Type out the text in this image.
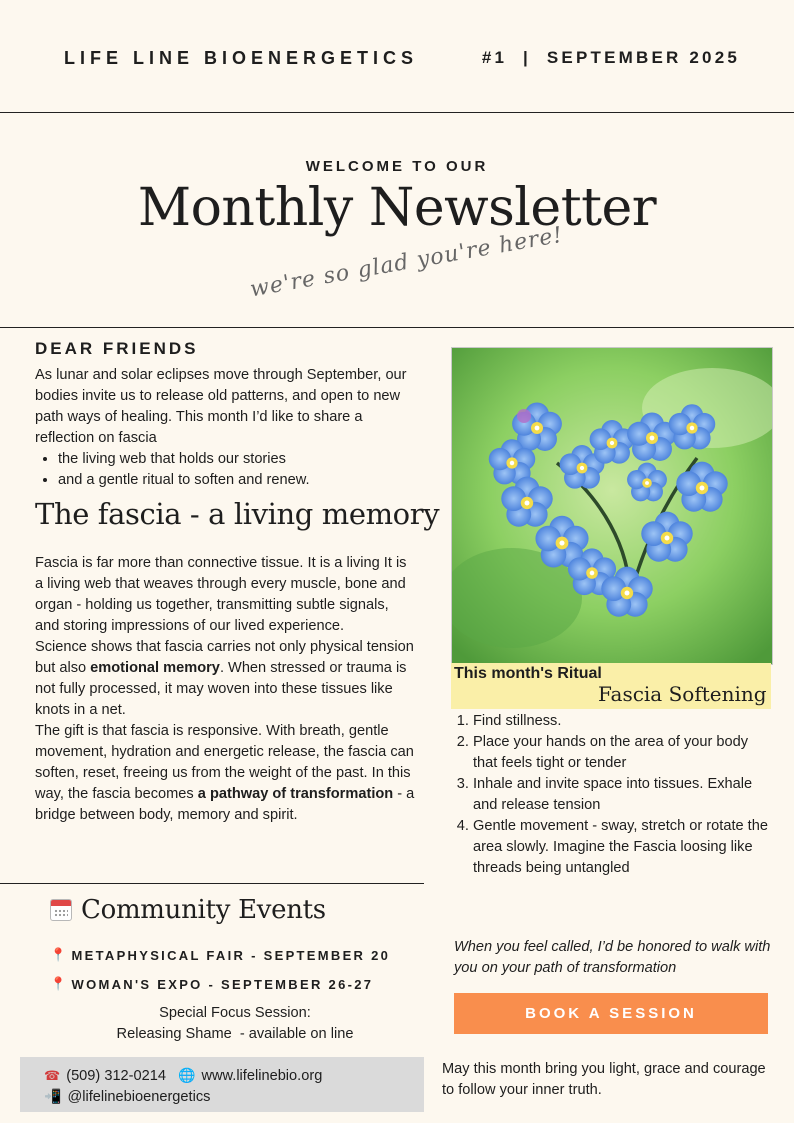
LIFE LINE BIOENERGETICS	#1  |  SEPTEMBER 2025
WELCOME TO OUR
Monthly Newsletter
we're so glad you're here!
DEAR FRIENDS
As lunar and solar eclipses move through September, our bodies invite us to release old patterns, and open to new path ways of healing. This month I’d like to share a reflection on fascia
• the living web that holds our stories
• and a gentle ritual to soften and renew.
The fascia - a living memory

Fascia is far more than connective tissue. It is a living It is a living web that weaves through every muscle, bone and organ - holding us together, transmitting subtle signals, and storing impressions of our lived experience.

Science shows that fascia carries not only physical tension but also emotional memory. When stressed or trauma is not fully processed, it may woven into these tissues like knots in a net.

The gift is that fascia is responsive. With breath, gentle movement, hydration and energetic release, the fascia can soften, reset, freeing us from the weight of the past. In this way, the fascia becomes a pathway of transformation - a bridge between body, memory and spirit.

This month's Ritual
Fascia Softening
1. Find stillness.
2. Place your hands on the area of your body that feels tight or tender
3. Inhale and invite space into tissues. Exhale and release tension
4. Gentle movement - sway, stretch or rotate the area slowly. Imagine the Fascia loosing like threads being untangled
Community Events
📍 METAPHYSICAL FAIR - SEPTEMBER 20
📍 WOMAN'S EXPO - SEPTEMBER 26-27
Special Focus Session:
Releasing Shame  - available on line
☎ (509) 312-0214 🌐 www.lifelinebio.org
📲 @lifelinebioenergetics
When you feel called, I’d be honored to walk with you on your path of transformation
BOOK A SESSION
May this month bring you light, grace and courage to follow your inner truth.
